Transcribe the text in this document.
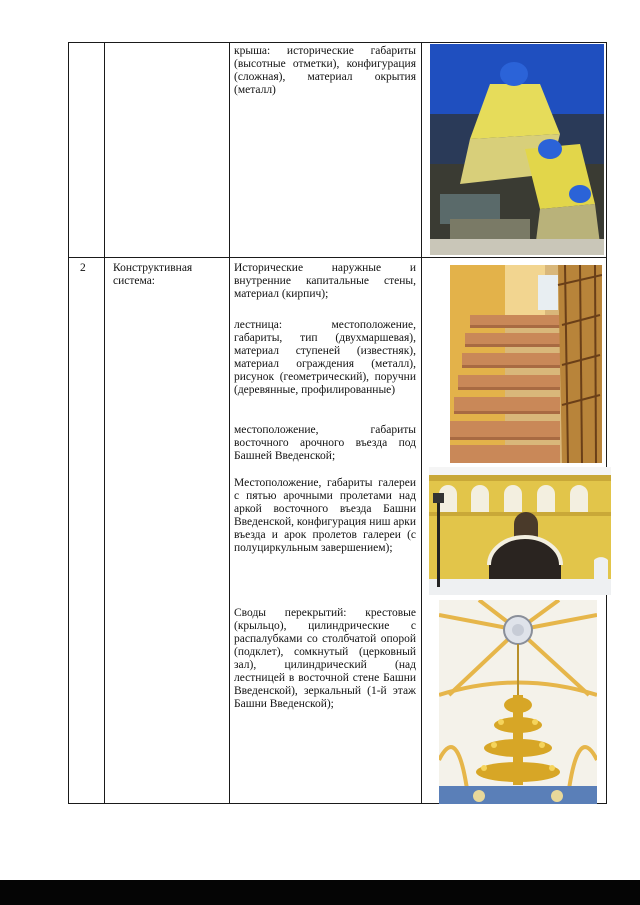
крыша: исторические габариты (высотные отметки), конфигурация (сложная), материал окрытия (металл)
2	Конструктивная
система:
Исторические наружные и внутренние капитальные стены, материал (кирпич);
лестница: местоположение, габариты, тип (двухмаршевая), материал ступеней (известняк), материал ограждения (металл), рисунок (геометрический), поручни (деревянные, профилированные)
местоположение, габариты восточного арочного въезда под Башней Введенской;
Местоположение, габариты галереи с пятью арочными пролетами над аркой восточного въезда Башни Введенской, конфигурация ниш арки въезда и арок пролетов галереи (с полуциркульным завершением);
Своды перекрытий: крестовые (крыльцо), цилиндрические с распалубками со столбчатой опорой (подклет), сомкнутый (церковный зал), цилиндрический (над лестницей в восточной стене Башни Введенской), зеркальный (1-й этаж Башни Введенской);
